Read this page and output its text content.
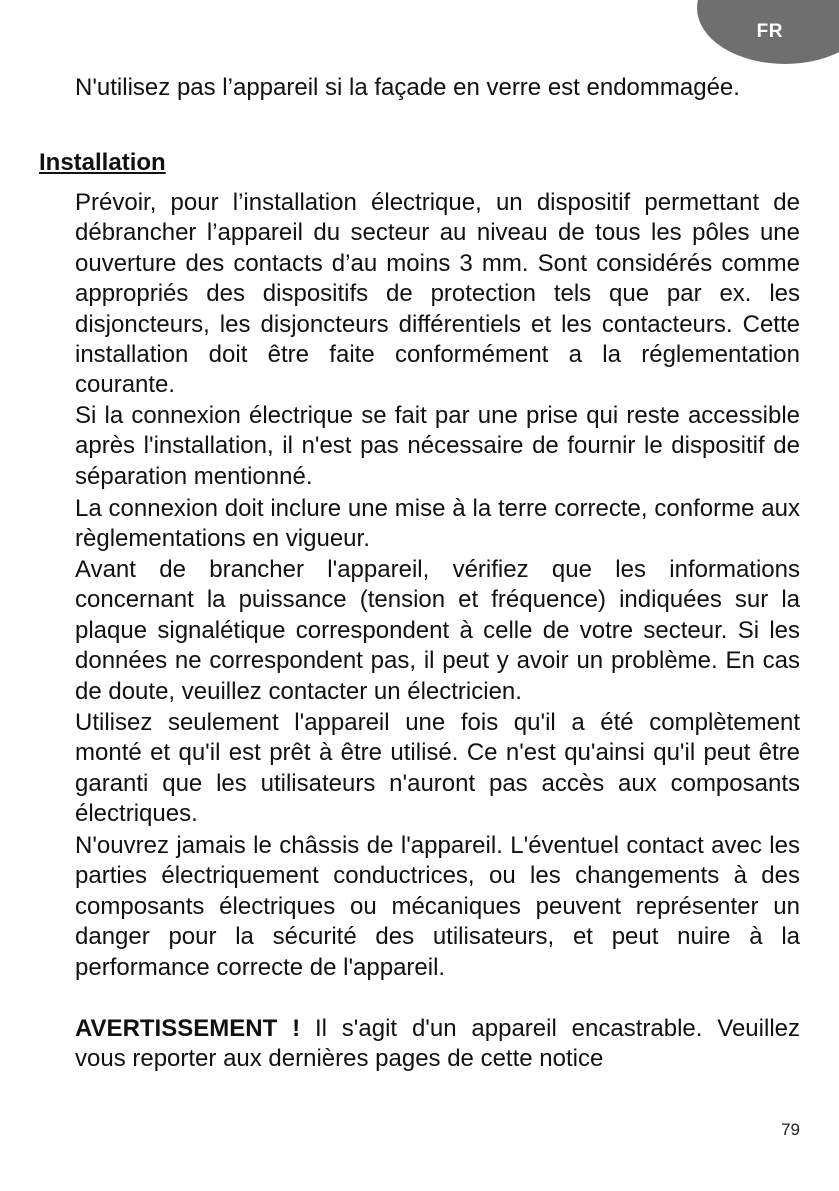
FR

N'utilisez pas l’appareil si la façade en verre est endommagée.

Installation

Prévoir, pour l’installation électrique, un dispositif permettant de débrancher l’appareil du secteur au niveau de tous les pôles une ouverture des contacts d’au moins 3 mm. Sont considérés comme appropriés des dispositifs de protection tels que par ex. les disjoncteurs, les disjoncteurs différentiels et les contacteurs. Cette installation doit être faite conformément a la réglementation courante.

Si la connexion électrique se fait par une prise qui reste accessible après l'installation, il n'est pas nécessaire de fournir le dispositif de séparation mentionné.

La connexion doit inclure une mise à la terre correcte, conforme aux règlementations en vigueur.

Avant de brancher l'appareil, vérifiez que les informations concernant la puissance (tension et fréquence) indiquées sur la plaque signalétique correspondent à celle de votre secteur. Si les données ne correspondent pas, il peut y avoir un problème. En cas de doute, veuillez contacter un électricien.

Utilisez seulement l'appareil une fois qu'il a été complètement monté et qu'il est prêt à être utilisé. Ce n'est qu'ainsi qu'il peut être garanti que les utilisateurs n'auront pas accès aux composants électriques.

N'ouvrez jamais le châssis de l'appareil. L'éventuel contact avec les parties électriquement conductrices, ou les changements à des composants électriques ou mécaniques peuvent représenter un danger pour la sécurité des utilisateurs, et peut nuire à la performance correcte de l'appareil.

AVERTISSEMENT ! Il s'agit d'un appareil encastrable. Veuillez vous reporter aux dernières pages de cette notice

79
